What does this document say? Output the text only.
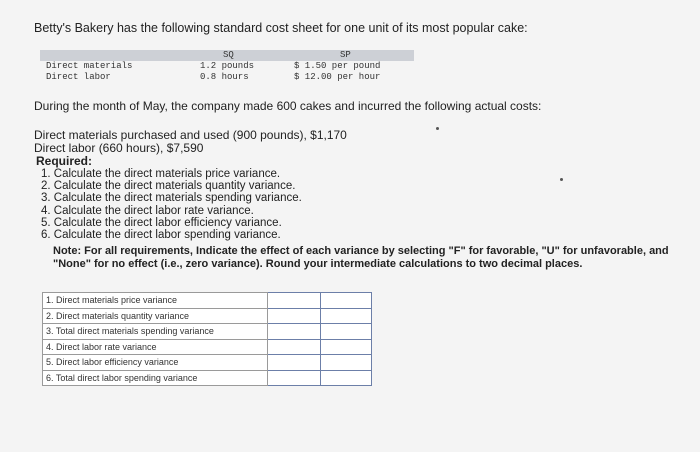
Betty's Bakery has the following standard cost sheet for one unit of its most popular cake:
SQ	SP
Direct materials	1.2 pounds	$ 1.50 per pound
Direct labor	0.8 hours	$ 12.00 per hour
During the month of May, the company made 600 cakes and incurred the following actual costs:
Direct materials purchased and used (900 pounds), $1,170
Direct labor (660 hours), $7,590
Required:
1. Calculate the direct materials price variance.
2. Calculate the direct materials quantity variance.
3. Calculate the direct materials spending variance.
4. Calculate the direct labor rate variance.
5. Calculate the direct labor efficiency variance.
6. Calculate the direct labor spending variance.
Note: For all requirements, Indicate the effect of each variance by selecting "F" for favorable, "U" for unfavorable, and "None" for no effect (i.e., zero variance). Round your intermediate calculations to two decimal places.
1. Direct materials price variance		
2. Direct materials quantity variance		
3. Total direct materials spending variance		
4. Direct labor rate variance		
5. Direct labor efficiency variance		
6. Total direct labor spending variance		
